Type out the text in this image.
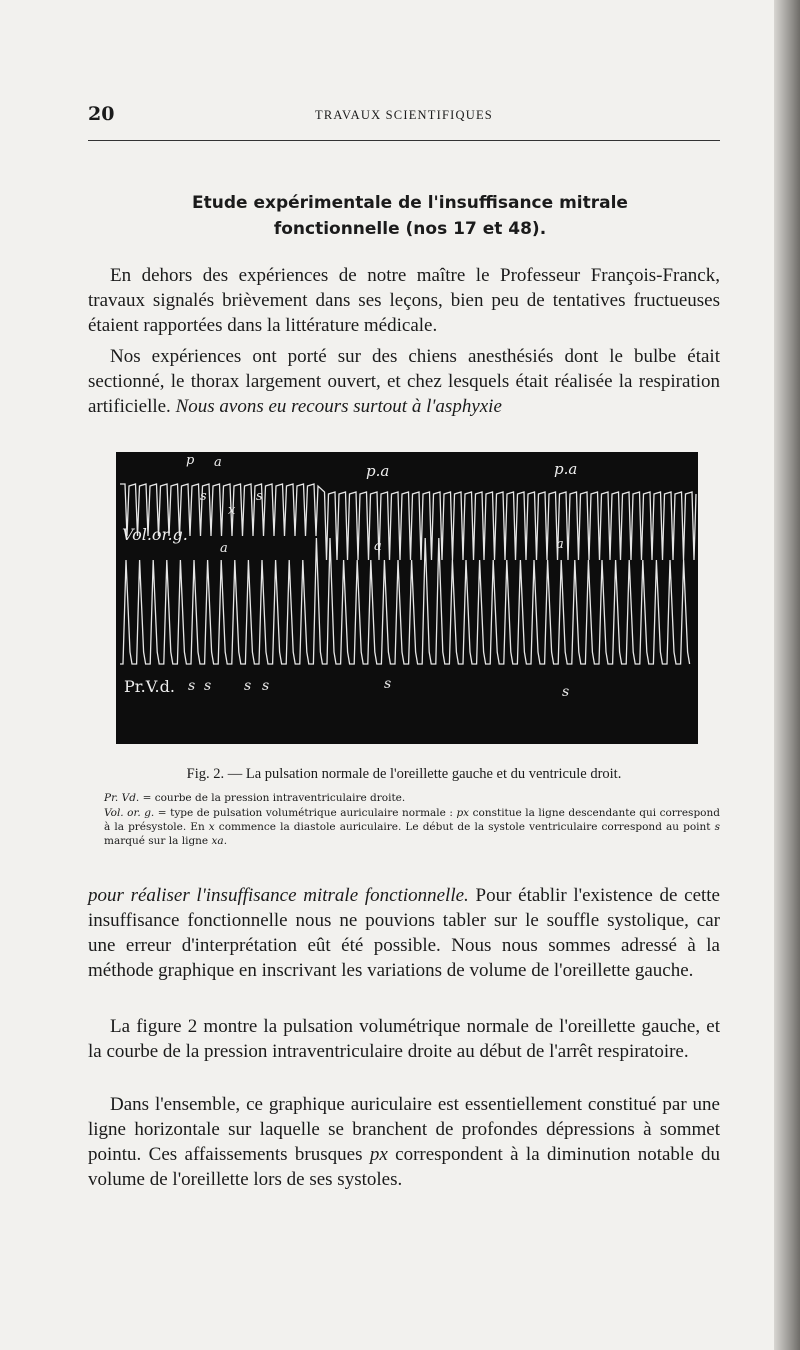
20	TRAVAUX SCIENTIFIQUES
Etude expérimentale de l'insuffisance mitrale
fonctionnelle (nos 17 et 48).

En dehors des expériences de notre maître le Professeur François-Franck, travaux signalés brièvement dans ses leçons, bien peu de tentatives fructueuses étaient rapportées dans la littérature médicale.

Nos expériences ont porté sur des chiens anesthésiés dont le bulbe était sectionné, le thorax largement ouvert, et chez lesquels était réalisée la respiration artificielle. Nous avons eu recours surtout à l'asphyxie

Vol.or.g.
Pr.V.d.
p a
s
x
s
p.a	p.a
a	a	a
s s s s	s	s

Fig. 2. — La pulsation normale de l'oreillette gauche et du ventricule droit.

Pr. Vd. = courbe de la pression intraventriculaire droite.

Vol. or. g. = type de pulsation volumétrique auriculaire normale : px constitue la ligne descendante qui correspond à la présystole. En x commence la diastole auriculaire. Le début de la systole ventriculaire correspond au point s marqué sur la ligne xa.

pour réaliser l'insuffisance mitrale fonctionnelle. Pour établir l'existence de cette insuffisance fonctionnelle nous ne pouvions tabler sur le souffle systolique, car une erreur d'interprétation eût été possible. Nous nous sommes adressé à la méthode graphique en inscrivant les variations de volume de l'oreillette gauche.

La figure 2 montre la pulsation volumétrique normale de l'oreillette gauche, et la courbe de la pression intraventriculaire droite au début de l'arrêt respiratoire.

Dans l'ensemble, ce graphique auriculaire est essentiellement constitué par une ligne horizontale sur laquelle se branchent de profondes dépressions à sommet pointu. Ces affaissements brusques px correspondent à la diminution notable du volume de l'oreillette lors de ses systoles.
